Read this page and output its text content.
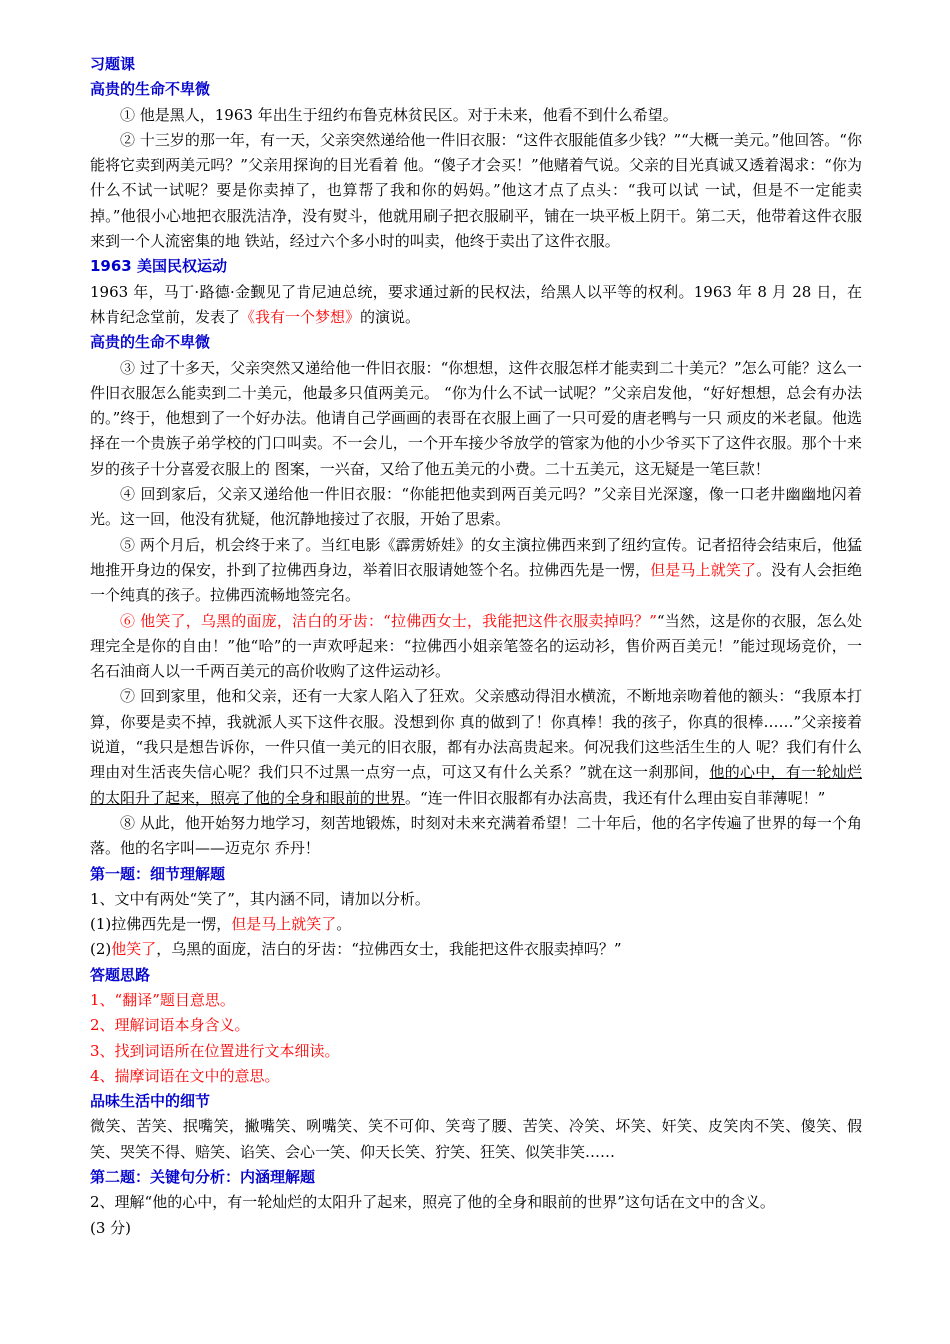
习题课
高贵的生命不卑微

① 他是黑人，1963 年出生于纽约布鲁克林贫民区。对于未来，他看不到什么希望。

② 十三岁的那一年，有一天，父亲突然递给他一件旧衣服：“这件衣服能值多少钱？”“大概一美元。”他回答。“你能将它卖到两美元吗？”父亲用探询的目光看着 他。“傻子才会买！”他赌着气说。父亲的目光真诚又透着渴求：“你为什么不试一试呢？要是你卖掉了，也算帮了我和你的妈妈。”他这才点了点头：“我可以试 一试，但是不一定能卖掉。”他很小心地把衣服洗洁净，没有熨斗，他就用刷子把衣服刷平，铺在一块平板上阴干。第二天，他带着这件衣服来到一个人流密集的地 铁站，经过六个多小时的叫卖，他终于卖出了这件衣服。

1963 美国民权运动

1963 年，马丁·路德·金觐见了肯尼迪总统，要求通过新的民权法，给黑人以平等的权利。1963 年 8 月 28 日，在林肯纪念堂前，发表了《我有一个梦想》的演说。

高贵的生命不卑微

③ 过了十多天，父亲突然又递给他一件旧衣服：“你想想，这件衣服怎样才能卖到二十美元？”怎么可能？这么一件旧衣服怎么能卖到二十美元，他最多只值两美元。 “你为什么不试一试呢？”父亲启发他，“好好想想，总会有办法的。”终于，他想到了一个好办法。他请自己学画画的表哥在衣服上画了一只可爱的唐老鸭与一只 顽皮的米老鼠。他选择在一个贵族子弟学校的门口叫卖。不一会儿，一个开车接少爷放学的管家为他的小少爷买下了这件衣服。那个十来岁的孩子十分喜爱衣服上的 图案，一兴奋，又给了他五美元的小费。二十五美元，这无疑是一笔巨款！

④ 回到家后，父亲又递给他一件旧衣服：“你能把他卖到两百美元吗？”父亲目光深邃，像一口老井幽幽地闪着光。这一回，他没有犹疑，他沉静地接过了衣服，开始了思索。

⑤ 两个月后，机会终于来了。当红电影《霹雳娇娃》的女主演拉佛西来到了纽约宣传。记者招待会结束后，他猛地推开身边的保安，扑到了拉佛西身边，举着旧衣服请她签个名。拉佛西先是一愣，但是马上就笑了。没有人会拒绝一个纯真的孩子。拉佛西流畅地签完名。

⑥ 他笑了，乌黑的面庞，洁白的牙齿：“拉佛西女士，我能把这件衣服卖掉吗？”“当然，这是你的衣服，怎么处理完全是你的自由！”他“哈”的一声欢呼起来：“拉佛西小姐亲笔签名的运动衫，售价两百美元！”能过现场竞价，一名石油商人以一千两百美元的高价收购了这件运动衫。

⑦ 回到家里，他和父亲，还有一大家人陷入了狂欢。父亲感动得泪水横流，不断地亲吻着他的额头：“我原本打算，你要是卖不掉，我就派人买下这件衣服。没想到你 真的做到了！你真棒！我的孩子，你真的很棒……”父亲接着说道，“我只是想告诉你，一件只值一美元的旧衣服，都有办法高贵起来。何况我们这些活生生的人 呢？我们有什么理由对生活丧失信心呢？我们只不过黑一点穷一点，可这又有什么关系？”就在这一刹那间，他的心中，有一轮灿烂的太阳升了起来，照亮了他的全身和眼前的世界。“连一件旧衣服都有办法高贵，我还有什么理由妄自菲薄呢！”

⑧ 从此，他开始努力地学习，刻苦地锻炼，时刻对未来充满着希望！二十年后，他的名字传遍了世界的每一个角落。他的名字叫——迈克尔 乔丹！

第一题：细节理解题

1、文中有两处“笑了”，其内涵不同，请加以分析。

(1)拉佛西先是一愣，但是马上就笑了。

(2)他笑了，乌黑的面庞，洁白的牙齿：“拉佛西女士，我能把这件衣服卖掉吗？”

答题思路
1、“翻译”题目意思。
2、理解词语本身含义。
3、找到词语所在位置进行文本细读。
4、揣摩词语在文中的意思。
品味生活中的细节

微笑、苦笑、抿嘴笑，撇嘴笑、咧嘴笑、笑不可仰、笑弯了腰、苦笑、冷笑、坏笑、奸笑、皮笑肉不笑、傻笑、假笑、哭笑不得、赔笑、谄笑、会心一笑、仰天长笑、狞笑、狂笑、似笑非笑……

第二题：关键句分析：内涵理解题

2、理解“他的心中，有一轮灿烂的太阳升了起来，照亮了他的全身和眼前的世界”这句话在文中的含义。

(3 分)
